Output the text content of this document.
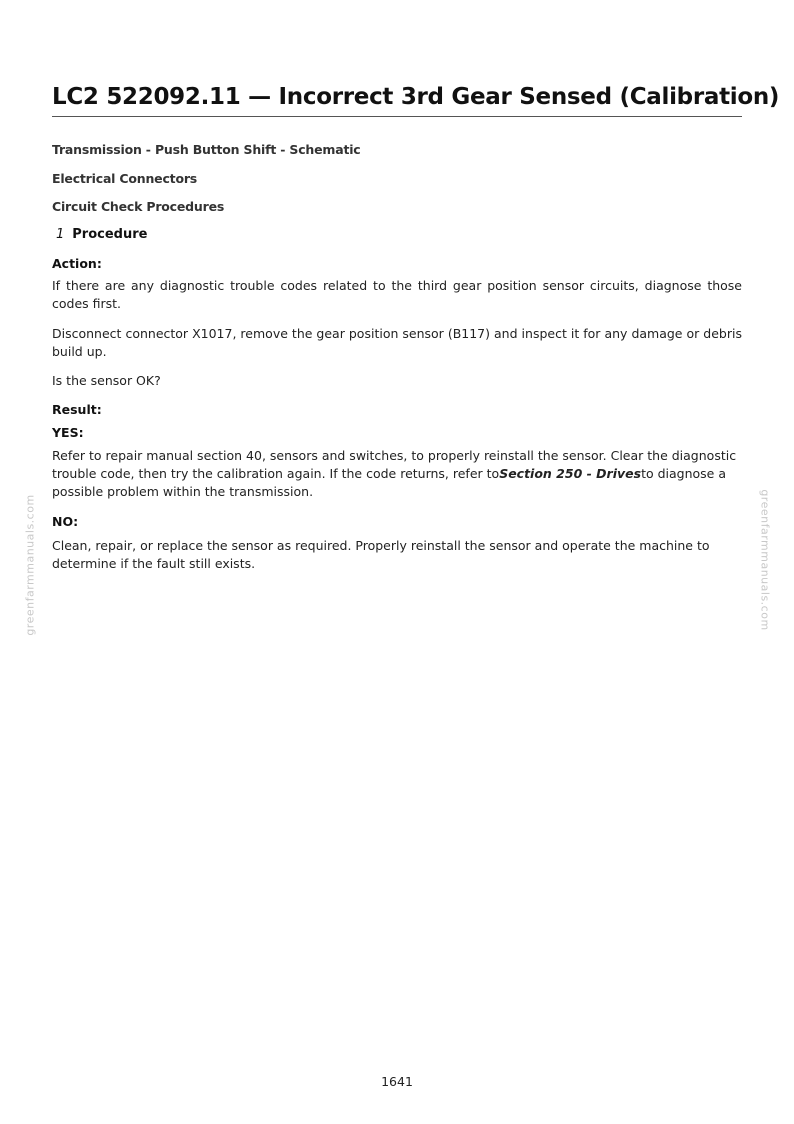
greenfarmmanuals.com	greenfarmmanuals.com
LC2 522092.11 — Incorrect 3rd Gear Sensed (Calibration)
Transmission - Push Button Shift - Schematic
Electrical Connectors
Circuit Check Procedures
1 Procedure
Action:

If there are any diagnostic trouble codes related to the third gear position sensor circuits, diagnose those codes first.

Disconnect connector X1017, remove the gear position sensor (B117) and inspect it for any damage or debris build up.

Is the sensor OK?

Result:
YES:

Refer to repair manual section 40, sensors and switches, to properly reinstall the sensor. Clear the diagnostic trouble code, then try the calibration again. If the code returns, refer toSection 250 - Drivesto diagnose a possible problem within the transmission.

NO:

Clean, repair, or replace the sensor as required. Properly reinstall the sensor and operate the machine to determine if the fault still exists.

1641
